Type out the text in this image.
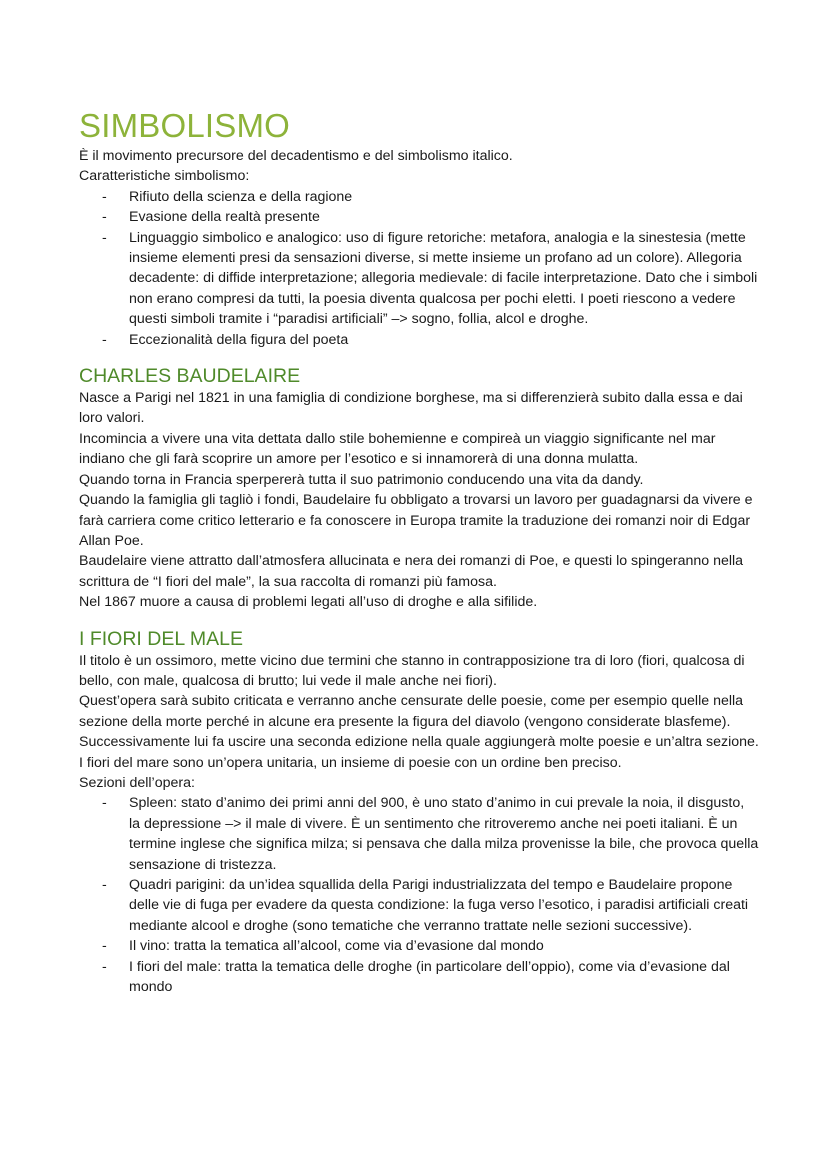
SIMBOLISMO

È il movimento precursore del decadentismo e del simbolismo italico.

Caratteristiche simbolismo:

- Rifiuto della scienza e della ragione
- Evasione della realtà presente
- Linguaggio simbolico e analogico: uso di figure retoriche: metafora, analogia e la sinestesia (mette insieme elementi presi da sensazioni diverse, si mette insieme un profano ad un colore). Allegoria decadente: di diffide interpretazione; allegoria medievale: di facile interpretazione. Dato che i simboli non erano compresi da tutti, la poesia diventa qualcosa per pochi eletti. I poeti riescono a vedere questi simboli tramite i “paradisi artificiali” –> sogno, follia, alcol e droghe.
- Eccezionalità della figura del poeta
CHARLES BAUDELAIRE

Nasce a Parigi nel 1821 in una famiglia di condizione borghese, ma si differenzierà subito dalla essa e dai loro valori.

Incomincia a vivere una vita dettata dallo stile bohemienne e compireà un viaggio significante nel mar indiano che gli farà scoprire un amore per l’esotico e si innamorerà di una donna mulatta.

Quando torna in Francia sperpererà tutta il suo patrimonio conducendo una vita da dandy.

Quando la famiglia gli tagliò i fondi, Baudelaire fu obbligato a trovarsi un lavoro per guadagnarsi da vivere e farà carriera come critico letterario e fa conoscere in Europa tramite la traduzione dei romanzi noir di Edgar Allan Poe.

Baudelaire viene attratto dall’atmosfera allucinata e nera dei romanzi di Poe, e questi lo spingeranno nella scrittura de “I fiori del male”, la sua raccolta di romanzi più famosa.

Nel 1867 muore a causa di problemi legati all’uso di droghe e alla sifilide.

I FIORI DEL MALE

Il titolo è un ossimoro, mette vicino due termini che stanno in contrapposizione tra di loro (fiori, qualcosa di bello, con male, qualcosa di brutto; lui vede il male anche nei fiori).

Quest’opera sarà subito criticata e verranno anche censurate delle poesie, come per esempio quelle nella sezione della morte perché in alcune era presente la figura del diavolo (vengono considerate blasfeme). Successivamente lui fa uscire una seconda edizione nella quale aggiungerà molte poesie e un’altra sezione.

I fiori del mare sono un’opera unitaria, un insieme di poesie con un ordine ben preciso.

Sezioni dell’opera:

- Spleen: stato d’animo dei primi anni del 900, è uno stato d’animo in cui prevale la noia, il disgusto, la depressione –> il male di vivere. È un sentimento che ritroveremo anche nei poeti italiani. È un termine inglese che significa milza; si pensava che dalla milza provenisse la bile, che provoca quella sensazione di tristezza.
- Quadri parigini: da un’idea squallida della Parigi industrializzata del tempo e Baudelaire propone delle vie di fuga per evadere da questa condizione: la fuga verso l’esotico, i paradisi artificiali creati mediante alcool e droghe (sono tematiche che verranno trattate nelle sezioni successive).
- Il vino: tratta la tematica all’alcool, come via d’evasione dal mondo
- I fiori del male: tratta la tematica delle droghe (in particolare dell’oppio), come via d’evasione dal mondo
